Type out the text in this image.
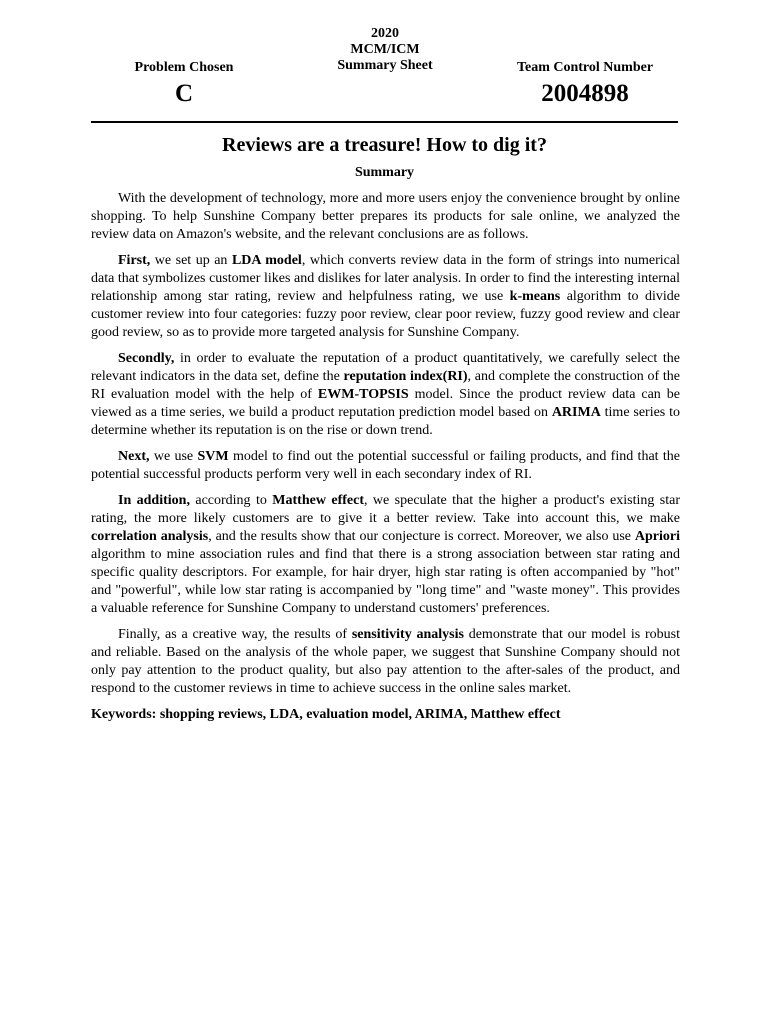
Problem Chosen
C
2020
MCM/ICM
Summary Sheet	Team Control Number
2004898
Reviews are a treasure! How to dig it?
Summary

With the development of technology, more and more users enjoy the convenience brought by online shopping. To help Sunshine Company better prepares its products for sale online, we analyzed the review data on Amazon's website, and the relevant conclusions are as follows.

First, we set up an LDA model, which converts review data in the form of strings into numerical data that symbolizes customer likes and dislikes for later analysis. In order to find the interesting internal relationship among star rating, review and helpfulness rating, we use k-means algorithm to divide customer review into four categories: fuzzy poor review, clear poor review, fuzzy good review and clear good review, so as to provide more targeted analysis for Sunshine Company.

Secondly, in order to evaluate the reputation of a product quantitatively, we carefully select the relevant indicators in the data set, define the reputation index(RI), and complete the construction of the RI evaluation model with the help of EWM-TOPSIS model. Since the product review data can be viewed as a time series, we build a product reputation prediction model based on ARIMA time series to determine whether its reputation is on the rise or down trend.

Next, we use SVM model to find out the potential successful or failing products, and find that the potential successful products perform very well in each secondary index of RI.

In addition, according to Matthew effect, we speculate that the higher a product's existing star rating, the more likely customers are to give it a better review. Take into account this, we make correlation analysis, and the results show that our conjecture is correct. Moreover, we also use Apriori algorithm to mine association rules and find that there is a strong association between star rating and specific quality descriptors. For example, for hair dryer, high star rating is often accompanied by "hot" and "powerful", while low star rating is accompanied by "long time" and "waste money". This provides a valuable reference for Sunshine Company to understand customers' preferences.

Finally, as a creative way, the results of sensitivity analysis demonstrate that our model is robust and reliable. Based on the analysis of the whole paper, we suggest that Sunshine Company should not only pay attention to the product quality, but also pay attention to the after-sales of the product, and respond to the customer reviews in time to achieve success in the online sales market.

Keywords: shopping reviews, LDA, evaluation model, ARIMA, Matthew effect
